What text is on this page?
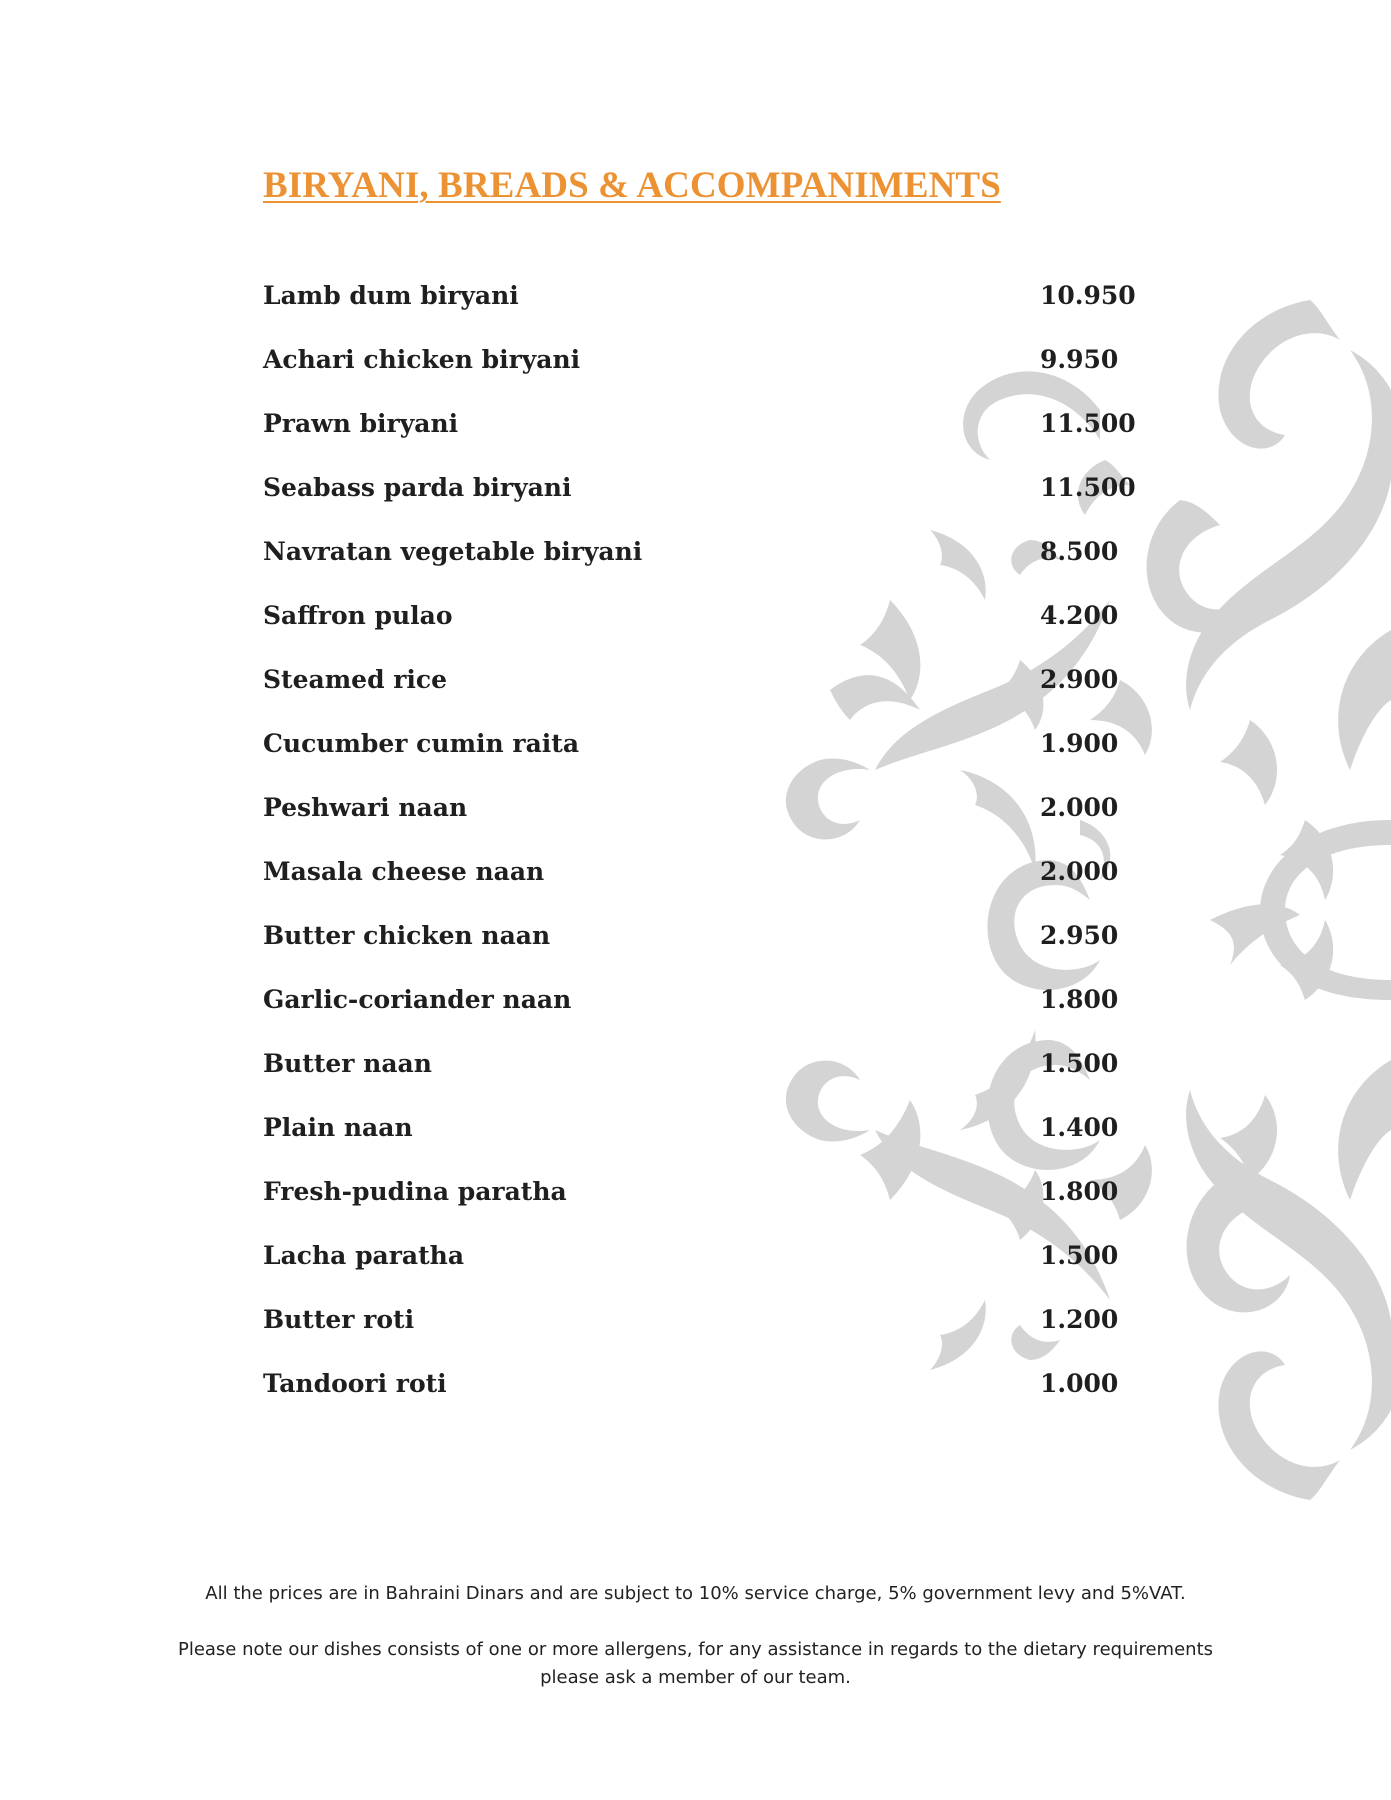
BIRYANI, BREADS & ACCOMPANIMENTS
Lamb dum biryani	10.950
Achari chicken biryani	9.950
Prawn biryani	11.500
Seabass parda biryani	11.500
Navratan vegetable biryani	8.500
Saffron pulao	4.200
Steamed rice	2.900
Cucumber cumin raita	1.900
Peshwari naan	2.000
Masala cheese naan	2.000
Butter chicken naan	2.950
Garlic-coriander naan	1.800
Butter naan	1.500
Plain naan	1.400
Fresh-pudina paratha	1.800
Lacha paratha	1.500
Butter roti	1.200
Tandoori roti	1.000

All the prices are in Bahraini Dinars and are subject to 10% service charge, 5% government levy and 5%VAT.

Please note our dishes consists of one or more allergens, for any assistance in regards to the dietary requirements
please ask a member of our team.
